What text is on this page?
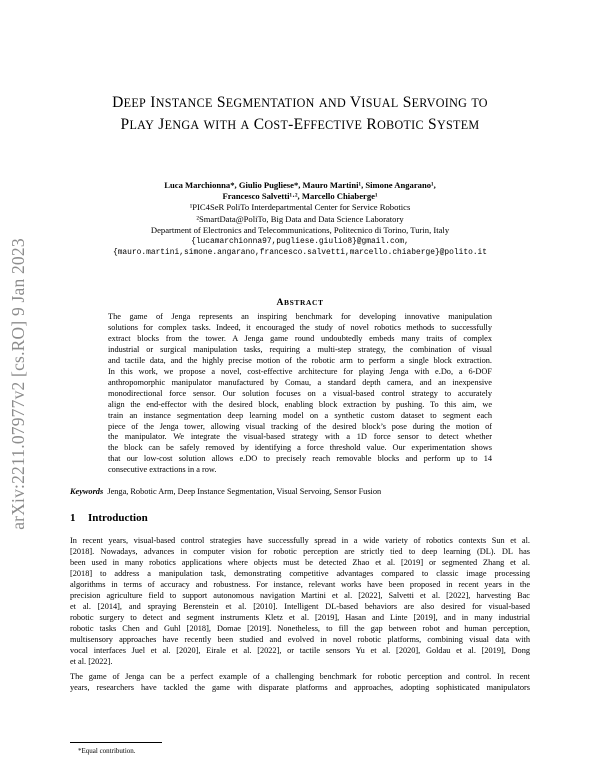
arXiv:2211.07977v2 [cs.RO] 9 Jan 2023
DEEP INSTANCE SEGMENTATION AND VISUAL SERVOING TO
PLAY JENGA WITH A COST-EFFECTIVE ROBOTIC SYSTEM
Luca Marchionna*, Giulio Pugliese*, Mauro Martini¹, Simone Angarano¹,
Francesco Salvetti¹·², Marcello Chiaberge¹
¹PIC4SeR PoliTo Interdepartmental Center for Service Robotics
²SmartData@PoliTo, Big Data and Data Science Laboratory
Department of Electronics and Telecommunications, Politecnico di Torino, Turin, Italy
{lucamarchionna97,pugliese.giulio8}@gmail.com,
{mauro.martini,simone.angarano,francesco.salvetti,marcello.chiaberge}@polito.it
ABSTRACT
The game of Jenga represents an inspiring benchmark for developing innovative manipulation
solutions for complex tasks. Indeed, it encouraged the study of novel robotics methods to successfully
extract blocks from the tower. A Jenga game round undoubtedly embeds many traits of complex
industrial or surgical manipulation tasks, requiring a multi-step strategy, the combination of visual
and tactile data, and the highly precise motion of the robotic arm to perform a single block extraction.
In this work, we propose a novel, cost-effective architecture for playing Jenga with e.Do, a 6-DOF
anthropomorphic manipulator manufactured by Comau, a standard depth camera, and an inexpensive
monodirectional force sensor. Our solution focuses on a visual-based control strategy to accurately
align the end-effector with the desired block, enabling block extraction by pushing. To this aim, we
train an instance segmentation deep learning model on a synthetic custom dataset to segment each
piece of the Jenga tower, allowing visual tracking of the desired block’s pose during the motion of
the manipulator. We integrate the visual-based strategy with a 1D force sensor to detect whether
the block can be safely removed by identifying a force threshold value. Our experimentation shows
that our low-cost solution allows e.DO to precisely reach removable blocks and perform up to 14
consecutive extractions in a row.
Keywords Jenga, Robotic Arm, Deep Instance Segmentation, Visual Servoing, Sensor Fusion
1 Introduction
In recent years, visual-based control strategies have successfully spread in a wide variety of robotics contexts Sun et al.
[2018]. Nowadays, advances in computer vision for robotic perception are strictly tied to deep learning (DL). DL has
been used in many robotics applications where objects must be detected Zhao et al. [2019] or segmented Zhang et al.
[2018] to address a manipulation task, demonstrating competitive advantages compared to classic image processing
algorithms in terms of accuracy and robustness. For instance, relevant works have been proposed in recent years in the
precision agriculture field to support autonomous navigation Martini et al. [2022], Salvetti et al. [2022], harvesting Bac
et al. [2014], and spraying Berenstein et al. [2010]. Intelligent DL-based behaviors are also desired for visual-based
robotic surgery to detect and segment instruments Kletz et al. [2019], Hasan and Linte [2019], and in many industrial
robotic tasks Chen and Guhl [2018], Domae [2019]. Nonetheless, to fill the gap between robot and human perception,
multisensory approaches have recently been studied and evolved in novel robotic platforms, combining visual data with
vocal interfaces Juel et al. [2020], Eirale et al. [2022], or tactile sensors Yu et al. [2020], Goldau et al. [2019], Dong
et al. [2022].
The game of Jenga can be a perfect example of a challenging benchmark for robotic perception and control. In recent
years, researchers have tackled the game with disparate platforms and approaches, adopting sophisticated manipulators
*Equal contribution.
